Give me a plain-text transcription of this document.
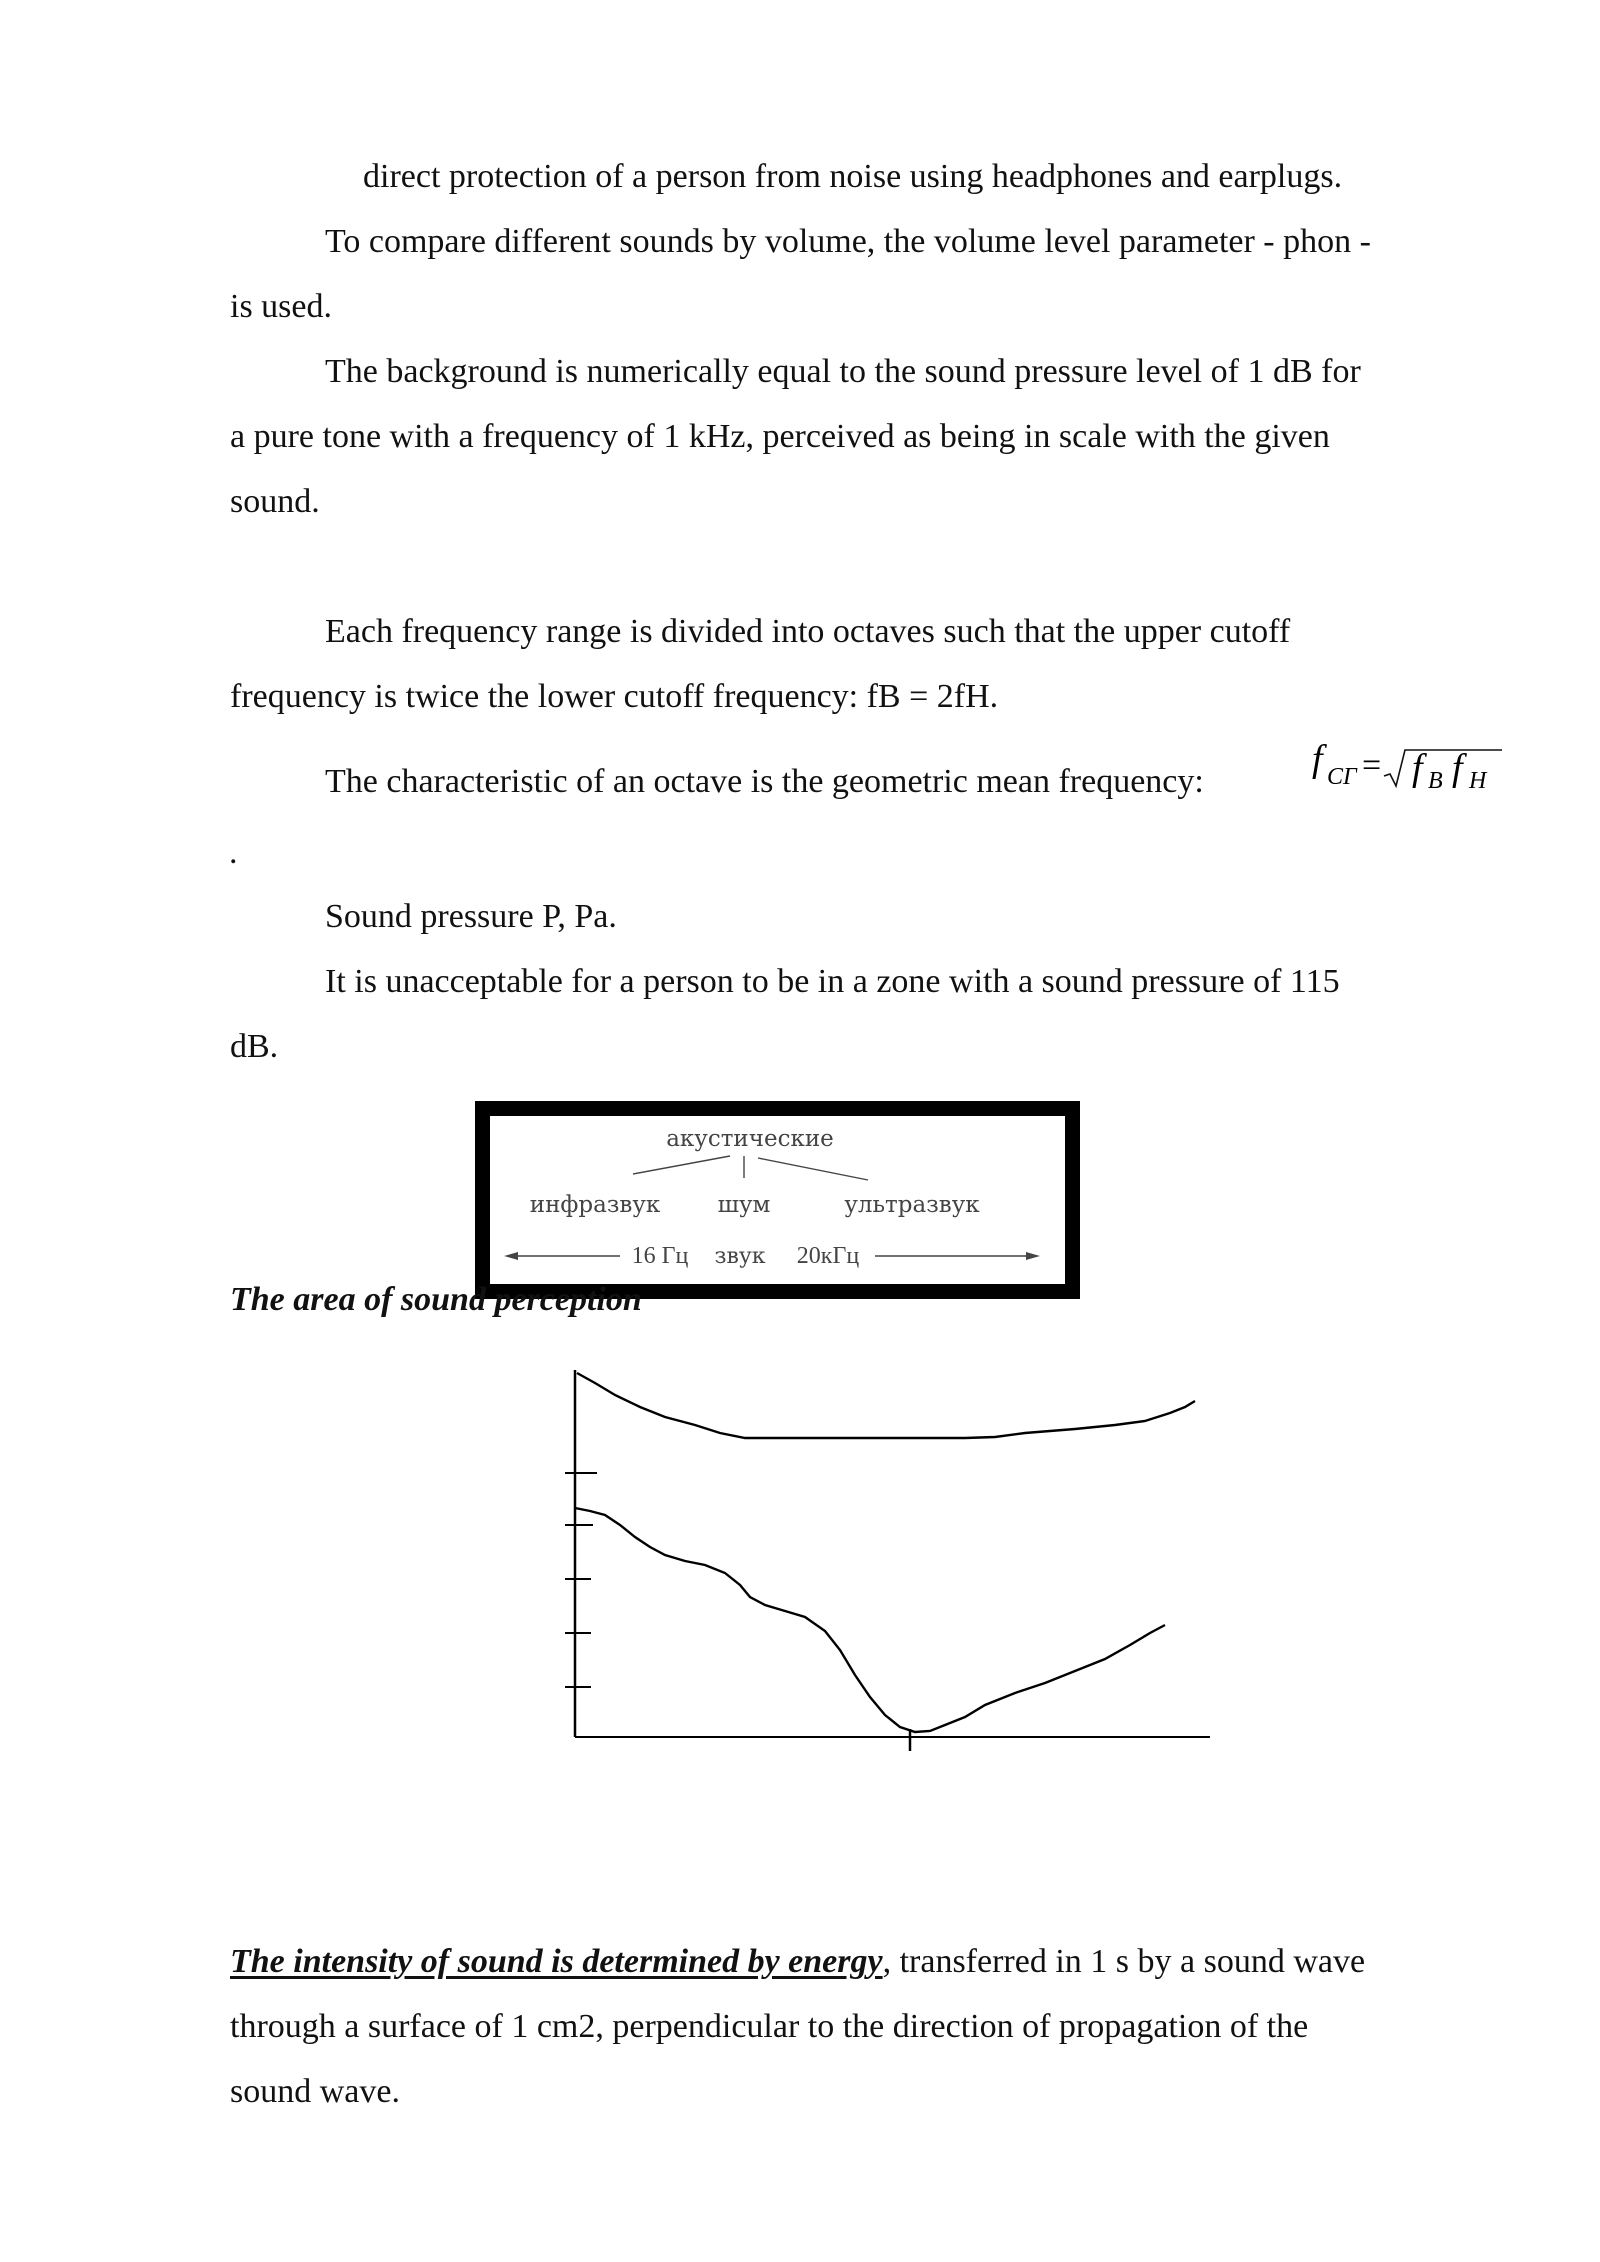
direct protection of a person from noise using headphones and earplugs.
To compare different sounds by volume, the volume level parameter - phon -
is used.
The background is numerically equal to the sound pressure level of 1 dB for
a pure tone with a frequency of 1 kHz, perceived as being in scale with the given
sound.
Each frequency range is divided into octaves such that the upper cutoff
frequency is twice the lower cutoff frequency: fB = 2fH.
The characteristic of an octave is the geometric mean frequency:
f СГ = f В f Н
.
Sound pressure P, Pa.
It is unacceptable for a person to be in a zone with a sound pressure of 115
dB.
акустические
инфразвук шум	ультразвук
16 Гц звук 20кГц
The area of sound perception
The intensity of sound is determined by energy, transferred in 1 s by a sound wave
through a surface of 1 cm2, perpendicular to the direction of propagation of the
sound wave.
